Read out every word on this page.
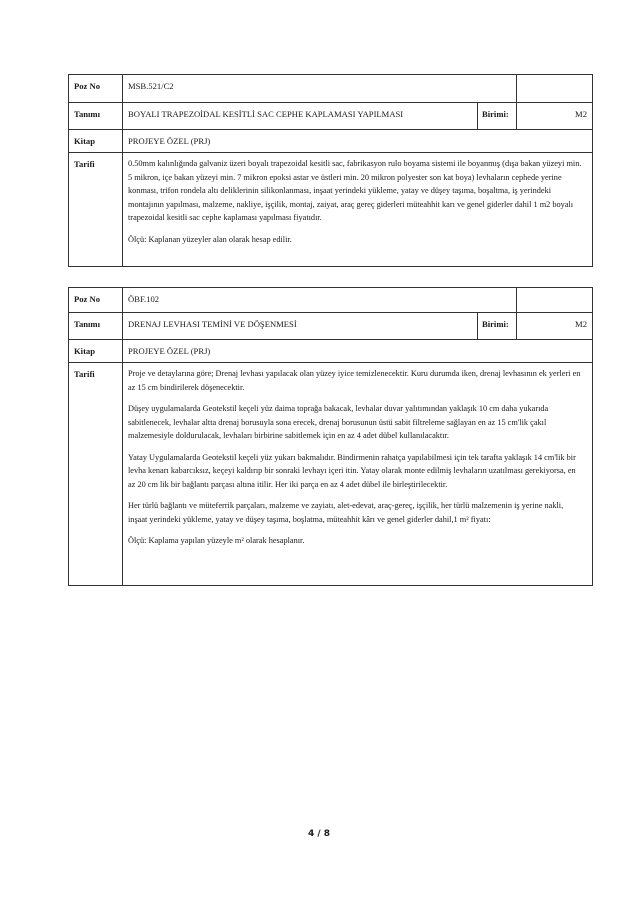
Poz No	MSB.521/C2
Tanımı	BOYALI TRAPEZOİDAL KESİTLİ SAC CEPHE KAPLAMASI YAPILMASI	Birimi:	M2
Kitap	PROJEYE ÖZEL (PRJ)
Tarifi	0.50mm kalınlığında galvaniz üzeri boyalı trapezoidal kesitli sac, fabrikasyon rulo boyama sistemi ile boyanmış (dışa bakan yüzeyi min. 5 mikron, içe bakan yüzeyi min. 7 mikron epoksi astar ve üstleri min. 20 mikron polyester son kat boya) levhaların cephede yerine konması, trifon rondela altı deliklerinin silikonlanması, inşaat yerindeki yükleme, yatay ve düşey taşıma, boşaltma, iş yerindeki montajının yapılması, malzeme, nakliye, işçilik, montaj, zaiyat, araç gereç giderleri müteahhit karı ve genel giderler dahil 1 m2 boyalı trapezoidal kesitli sac cephe kaplaması yapılması fiyatıdır.

Ölçü: Kaplanan yüzeyler alan olarak hesap edilir.

Poz No	ÖBF.102
Tanımı	DRENAJ LEVHASI TEMİNİ VE DÖŞENMESİ	Birimi:	M2
Kitap	PROJEYE ÖZEL (PRJ)
Tarifi	Proje ve detaylarına göre; Drenaj levhası yapılacak olan yüzey iyice temizlenecektir. Kuru durumda iken, drenaj levhasının ek yerleri en az 15 cm bindirilerek döşenecektir.

Düşey uygulamalarda Geotekstil keçeli yüz daima toprağa bakacak, levhalar duvar yalıtımından yaklaşık 10 cm daha yukarıda sabitlenecek, levhalar altta drenaj borusuyla sona erecek, drenaj borusunun üstü sabit filtreleme sağlayan en az 15 cm'lik çakıl malzemesiyle doldurulacak, levhaları birbirine sabitlemek için en az 4 adet dübel kullanılacaktır.

Yatay Uygulamalarda Geotekstil keçeli yüz yukarı bakmalıdır. Bindirmenin rahatça yapılabilmesi için tek tarafta yaklaşık 14 cm'lik bir levha kenarı kabarcıksız, keçeyi kaldırıp bir sonraki levhayı içeri itin. Yatay olarak monte edilmiş levhaların uzatılması gerekiyorsa, en az 20 cm lik bir bağlantı parçası altına itilir. Her iki parça en az 4 adet dübel ile birleştirilecektir.

Her türlü bağlantı ve müteferrik parçaları, malzeme ve zayiatı, alet-edevat, araç-gereç, işçilik, her türlü malzemenin iş yerine nakli, inşaat yerindeki yükleme, yatay ve düşey taşıma, boşlatma, müteahhit kârı ve genel giderler dahil,1 m² fiyatı:

Ölçü: Kaplama yapılan yüzeyle m² olarak hesaplanır.

4 / 8
